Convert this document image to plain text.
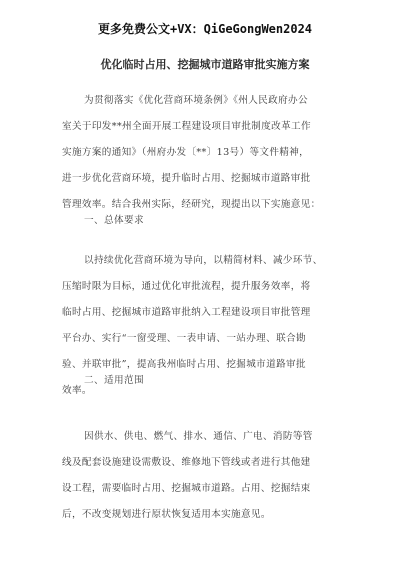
更多免费公文+VX：QiGeGongWen2024
优化临时占用、挖掘城市道路审批实施方案

为贯彻落实《优化营商环境条例》《州人民政府办公

室关于印发**州全面开展工程建设项目审批制度改革工作

实施方案的通知》（州府办发〔**〕13号）等文件精神，

进一步优化营商环境，提升临时占用、挖掘城市道路审批

管理效率。结合我州实际，经研究，现提出以下实施意见：

一、总体要求

以持续优化营商环境为导向，以精简材料、减少环节、

压缩时限为目标，通过优化审批流程，提升服务效率，将

临时占用、挖掘城市道路审批纳入工程建设项目审批管理

平台办、实行“一窗受理、一表申请、一站办理、联合勘

验、并联审批”，提高我州临时占用、挖掘城市道路审批

效率。

二、适用范围

因供水、供电、燃气、排水、通信、广电、消防等管

线及配套设施建设需敷设、维修地下管线或者进行其他建

设工程，需要临时占用、挖掘城市道路。占用、挖掘结束

后，不改变规划进行原状恢复适用本实施意见。
